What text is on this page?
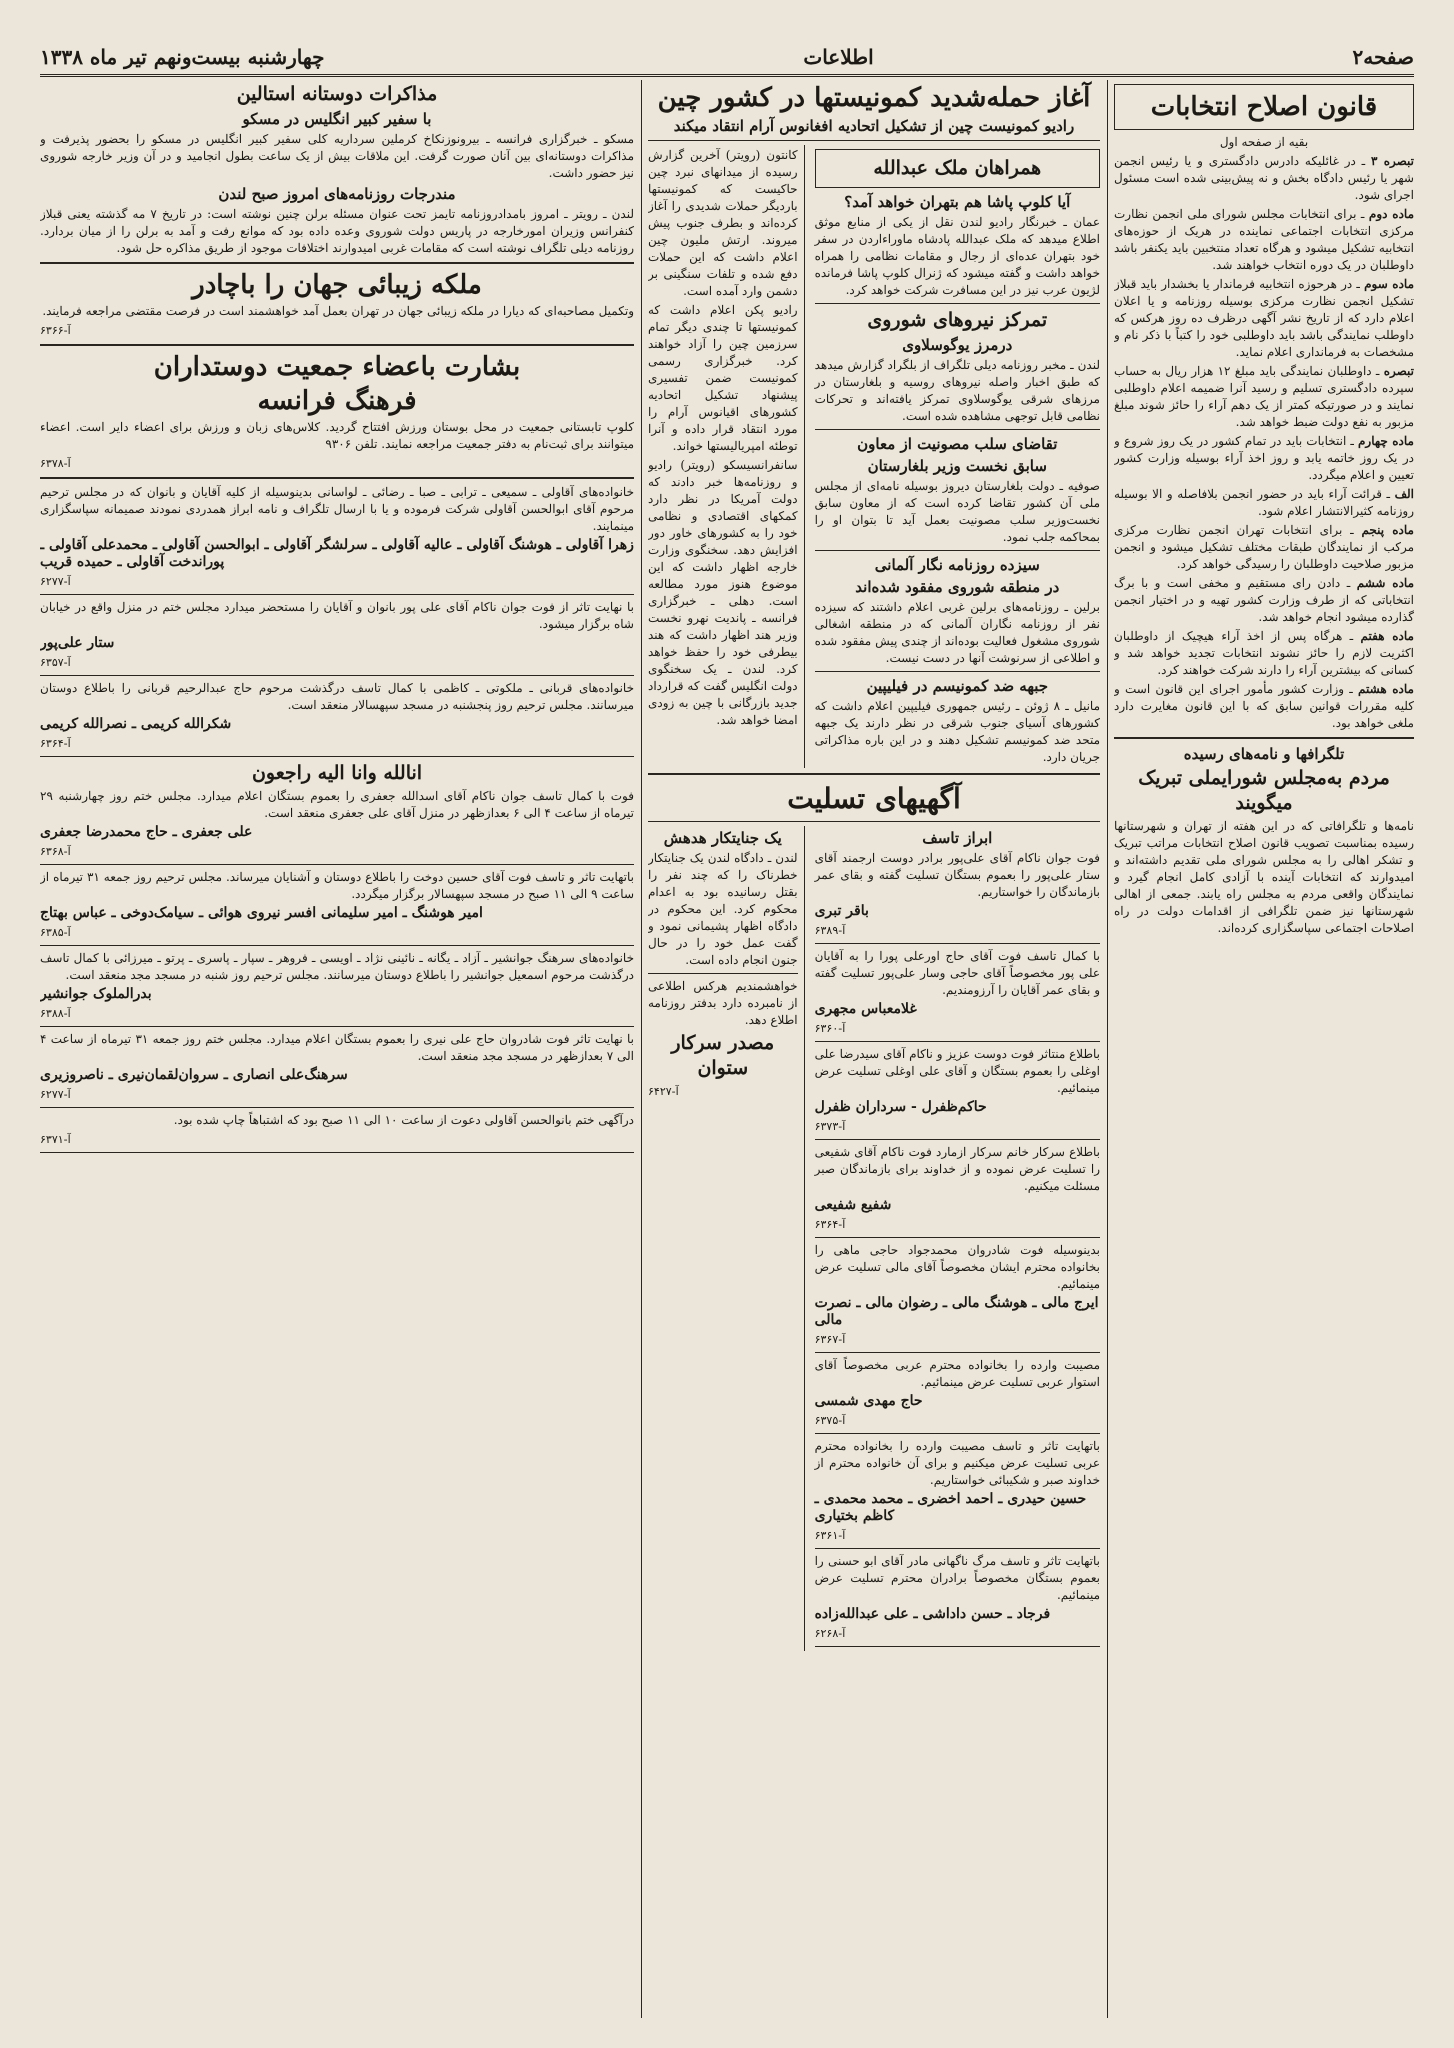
صفحه۲
اطلاعات
چهارشنبه بیست‌ونهم تیر ماه ۱۳۳۸
قانون اصلاح انتخابات
بقیه از صفحه اول
تبصره ۳ ـ در غائلیکه دادرس دادگستری و یا رئیس انجمن شهر یا رئیس دادگاه بخش و نه پیش‌بینی شده است مسئول اجرای شود.
ماده دوم ـ برای انتخابات مجلس شورای ملی انجمن نظارت مرکزی انتخابات اجتماعی نماینده در هریک از حوزه‌های انتخابیه تشکیل میشود و هرگاه تعداد منتخبین باید یکنفر باشد داوطلبان در یک دوره انتخاب خواهند شد.
ماده سوم ـ در هرحوزه انتخابیه فرماندار یا بخشدار باید قبلاز تشکیل انجمن نظارت مرکزی بوسیله روزنامه و یا اعلان اعلام دارد که از تاریخ نشر آگهی درظرف ده روز هرکس که داوطلب نمایندگی باشد باید داوطلبی خود را کتباً با ذکر نام و مشخصات به فرمانداری اعلام نماید.
تبصره ـ داوطلبان نمایندگی باید مبلغ ۱۲ هزار ریال به حساب سپرده دادگستری تسلیم و رسید آنرا ضمیمه اعلام داوطلبی نمایند و در صورتیکه کمتر از یک دهم آراء را حائز شوند مبلغ مزبور به نفع دولت ضبط خواهد شد.
ماده چهارم ـ انتخابات باید در تمام کشور در یک روز شروع و در یک روز خاتمه یابد و روز اخذ آراء بوسیله وزارت کشور تعیین و اعلام میگردد.
الف ـ قرائت آراء باید در حضور انجمن بلافاصله و الا بوسیله روزنامه کثیرالانتشار اعلام شود.
ماده پنجم ـ برای انتخابات تهران انجمن نظارت مرکزی مرکب از نمایندگان طبقات مختلف تشکیل میشود و انجمن مزبور صلاحیت داوطلبان را رسیدگی خواهد کرد.
ماده ششم ـ دادن رای مستقیم و مخفی است و با برگ انتخاباتی که از طرف وزارت کشور تهیه و در اختیار انجمن گذارده میشود انجام خواهد شد.
ماده هفتم ـ هرگاه پس از اخذ آراء هیچیک از داوطلبان اکثریت لازم را حائز نشوند انتخابات تجدید خواهد شد و کسانی که بیشترین آراء را دارند شرکت خواهند کرد.
ماده هشتم ـ وزارت کشور مأمور اجرای این قانون است و کلیه مقررات قوانین سابق که با این قانون مغایرت دارد ملغی خواهد بود.
تلگرافها و نامه‌های رسیده
مردم به‌مجلس شورایملی تبریک میگویند
نامه‌ها و تلگرافاتی که در این هفته از تهران و شهرستانها رسیده بمناسبت تصویب قانون اصلاح انتخابات مراتب تبریک و تشکر اهالی را به مجلس شورای ملی تقدیم داشته‌اند و امیدوارند که انتخابات آینده با آزادی کامل انجام گیرد و نمایندگان واقعی مردم به مجلس راه یابند. جمعی از اهالی شهرستانها نیز ضمن تلگرافی از اقدامات دولت در راه اصلاحات اجتماعی سپاسگزاری کرده‌اند.
آغاز حمله‌شدید کمونیستها در کشور چین
رادیو کمونیست چین از تشکیل اتحادیه افغانوس آرام انتقاد میکند
همراهان ملک عبدالله
آیا کلوپ پاشا هم بتهران خواهد آمد؟
عمان ـ خبرنگار رادیو لندن نقل از یکی از منابع موثق اطلاع میدهد که ملک عبدالله پادشاه ماوراءاردن در سفر خود بتهران عده‌ای از رجال و مقامات نظامی را همراه خواهد داشت و گفته میشود که ژنرال کلوپ پاشا فرمانده لژیون عرب نیز در این مسافرت شرکت خواهد کرد.
تمرکز نیروهای شوروی
درمرز یوگوسلاوی
لندن ـ مخبر روزنامه دیلی تلگراف از بلگراد گزارش میدهد که طبق اخبار واصله نیروهای روسیه و بلغارستان در مرزهای شرقی یوگوسلاوی تمرکز یافته‌اند و تحرکات نظامی قابل توجهی مشاهده شده است.
تقاضای سلب مصونیت از معاون
سابق نخست وزیر بلغارستان
صوفیه ـ دولت بلغارستان دیروز بوسیله نامه‌ای از مجلس ملی آن کشور تقاضا کرده است که از معاون سابق نخست‌وزیر سلب مصونیت بعمل آید تا بتوان او را بمحاکمه جلب نمود.
سیزده روزنامه نگار آلمانی
در منطقه شوروی مفقود شده‌اند
برلین ـ روزنامه‌های برلین غربی اعلام داشتند که سیزده نفر از روزنامه نگاران آلمانی که در منطقه اشغالی شوروی مشغول فعالیت بوده‌اند از چندی پیش مفقود شده و اطلاعی از سرنوشت آنها در دست نیست.
جبهه ضد کمونیسم در فیلیپین
مانیل ـ ۸ ژوئن ـ رئیس جمهوری فیلیپین اعلام داشت که کشورهای آسیای جنوب شرقی در نظر دارند یک جبهه متحد ضد کمونیسم تشکیل دهند و در این باره مذاکراتی جریان دارد.
کانتون (رویتر) آخرین گزارش رسیده از میدانهای نبرد چین حاکیست که کمونیستها باردیگر حملات شدیدی را آغاز کرده‌اند و بطرف جنوب پیش میروند. ارتش ملیون چین اعلام داشت که این حملات دفع شده و تلفات سنگینی بر دشمن وارد آمده است.
رادیو پکن اعلام داشت که کمونیستها تا چندی دیگر تمام سرزمین چین را آزاد خواهند کرد. خبرگزاری رسمی کمونیست ضمن تفسیری پیشنهاد تشکیل اتحادیه کشورهای اقیانوس آرام را مورد انتقاد قرار داده و آنرا توطئه امپریالیستها خواند.
سانفرانسیسکو (رویتر) رادیو و روزنامه‌ها خبر دادند که دولت آمریکا در نظر دارد کمکهای اقتصادی و نظامی خود را به کشورهای خاور دور افزایش دهد. سخنگوی وزارت خارجه اظهار داشت که این موضوع هنوز مورد مطالعه است. دهلی ـ خبرگزاری فرانسه ـ پاندیت نهرو نخست وزیر هند اظهار داشت که هند بیطرفی خود را حفظ خواهد کرد. لندن ـ یک سخنگوی دولت انگلیس گفت که قرارداد جدید بازرگانی با چین به زودی امضا خواهد شد.
آگهیهای تسلیت
ابراز تاسف
فوت جوان ناکام آقای علی‌پور برادر دوست ارجمند آقای ستار علی‌پور را بعموم بستگان تسلیت گفته و بقای عمر بازماندگان را خواستاریم.
باقر تبری
آ-۶۳۸۹
با کمال تاسف فوت آقای حاج اورعلی پورا را به آقایان علی پور مخصوصاً آقای حاجی وسار علی‌پور تسلیت گفته و بقای عمر آقایان را آرزومندیم.
غلامعباس مجهری
آ-۶۳۶۰
باطلاع منتاثر فوت دوست عزیز و ناکام آقای سیدرضا علی اوغلی را بعموم بستگان و آقای علی اوغلی تسلیت عرض مینمائیم.
حاکم‌ظفرل - سرداران ظفرل
آ-۶۳۷۳
باطلاع سرکار خانم سرکار ازمارد فوت ناکام آقای شفیعی را تسلیت عرض نموده و از خداوند برای بازماندگان صبر مسئلت میکنیم.
شفیع شفیعی
آ-۶۳۶۴
بدینوسیله فوت شادروان محمدجواد حاجی ماهی را بخانواده محترم ایشان مخصوصاً آقای مالی تسلیت عرض مینمائیم.
ایرج مالی ـ هوشنگ مالی ـ رضوان مالی ـ نصرت مالی
آ-۶۳۶۷
مصیبت وارده را بخانواده محترم عربی مخصوصاً آقای استوار عربی تسلیت عرض مینمائیم.
حاج مهدی شمسی
آ-۶۳۷۵
باتهایت تاثر و تاسف مصیبت وارده را بخانواده محترم عربی تسلیت عرض میکنیم و برای آن خانواده محترم از خداوند صبر و شکیبائی خواستاریم.
حسین حیدری ـ احمد اخضری ـ محمد محمدی ـ کاظم بختیاری
آ-۶۳۶۱
باتهایت تاثر و تاسف مرگ ناگهانی مادر آقای ابو حسنی را بعموم بستگان مخصوصاً برادران محترم تسلیت عرض مینمائیم.
فرجاد ـ حسن داداشی ـ علی عبدالله‌زاده
آ-۶۲۶۸
یک جنایتکار هدهش
لندن ـ دادگاه لندن یک جنایتکار خطرناک را که چند نفر را بقتل رسانیده بود به اعدام محکوم کرد. این محکوم در دادگاه اظهار پشیمانی نمود و گفت عمل خود را در حال جنون انجام داده است.
خواهشمندیم هرکس اطلاعی از نامبرده دارد بدفتر روزنامه اطلاع دهد.
مصدر سرکار ستوان
آ-۶۴۲۷
مذاکرات دوستانه استالین
با سفیر کبیر انگلیس در مسکو
مسکو ـ خبرگزاری فرانسه ـ بیرونوزنکاخ کرملین سرداریه کلی سفیر کبیر انگلیس در مسکو را بحضور پذیرفت و مذاکرات دوستانه‌ای بین آنان صورت گرفت. این ملاقات بیش از یک ساعت بطول انجامید و در آن وزیر خارجه شوروی نیز حضور داشت.
مندرجات روزنامه‌های امروز صبح لندن
لندن ـ رویتر ـ امروز بامدادروزنامه تایمز تحت عنوان مسئله برلن چنین نوشته است: در تاریخ ۷ مه گذشته یعنی قبلاز کنفرانس وزیران امورخارجه در پاریس دولت شوروی وعده داده بود که موانع رفت و آمد به برلن را از میان بردارد. روزنامه دیلی تلگراف نوشته است که مقامات غربی امیدوارند اختلافات موجود از طریق مذاکره حل شود.
ملکه زیبائی جهان را باچادر
وتکمیل مصاحبه‌ای که دیارا در ملکه زیبائی جهان در تهران بعمل آمد خواهشمند است در فرصت مقتضی مراجعه فرمایند.
آ-۶۳۶۶
بشارت باعضاء جمعیت دوستداران
فرهنگ فرانسه
کلوپ تابستانی جمعیت در محل بوستان ورزش افتتاح گردید. کلاس‌های زبان و ورزش برای اعضاء دایر است. اعضاء میتوانند برای ثبت‌نام به دفتر جمعیت مراجعه نمایند. تلفن ۹۳۰۶
آ-۶۳۷۸
خانواده‌های آقاولی ـ سمیعی ـ ترابی ـ صبا ـ رضائی ـ لواسانی بدینوسیله از کلیه آقایان و بانوان که در مجلس ترحیم مرحوم آقای ابوالحسن آقاولی شرکت فرموده و یا با ارسال تلگراف و نامه ابراز همدردی نمودند صمیمانه سپاسگزاری مینمایند.
زهرا آقاولی ـ هوشنگ آقاولی ـ عالیه آقاولی ـ سرلشگر آقاولی ـ ابوالحسن آقاولی ـ محمدعلی آقاولی ـ پوراندخت آقاولی ـ حمیده قریب
آ-۶۲۷۷
با نهایت تاثر از فوت جوان ناکام آقای علی پور بانوان و آقایان را مستحضر میدارد مجلس ختم در منزل واقع در خیابان شاه برگزار میشود.
ستار علی‌پور
آ-۶۳۵۷
خانواده‌های قربانی ـ ملکوتی ـ کاظمی با کمال تاسف درگذشت مرحوم حاج عبدالرحیم قربانی را باطلاع دوستان میرسانند. مجلس ترحیم روز پنجشنبه در مسجد سپهسالار منعقد است.
شکرالله کریمی ـ نصرالله کریمی
آ-۶۳۶۴
انالله وانا الیه راجعون
فوت با کمال تاسف جوان ناکام آقای اسدالله جعفری را بعموم بستگان اعلام میدارد. مجلس ختم روز چهارشنبه ۲۹ تیرماه از ساعت ۴ الی ۶ بعدازظهر در منزل آقای علی جعفری منعقد است.
علی جعفری ـ حاج محمدرضا جعفری
آ-۶۳۶۸
باتهایت تاثر و تاسف فوت آقای حسین دوخت را باطلاع دوستان و آشنایان میرساند. مجلس ترحیم روز جمعه ۳۱ تیرماه از ساعت ۹ الی ۱۱ صبح در مسجد سپهسالار برگزار میگردد.
امیر هوشنگ ـ امیر سلیمانی افسر نیروی هوائی ـ سیامک‌دوخی ـ عباس بهتاج
آ-۶۳۸۵
خانواده‌های سرهنگ جوانشیر ـ آزاد ـ یگانه ـ نائینی نژاد ـ اویسی ـ فروهر ـ سپار ـ پاسری ـ پرتو ـ میرزائی با کمال تاسف درگذشت مرحوم اسمعیل جوانشیر را باطلاع دوستان میرسانند. مجلس ترحیم روز شنبه در مسجد مجد منعقد است.
بدرالملوک جوانشیر
آ-۶۳۸۸
با نهایت تاثر فوت شادروان حاج علی نیری را بعموم بستگان اعلام میدارد. مجلس ختم روز جمعه ۳۱ تیرماه از ساعت ۴ الی ۷ بعدازظهر در مسجد مجد منعقد است.
سرهنگ‌علی انصاری ـ سروان‌لقمان‌نیری ـ ناصروزیری
آ-۶۲۷۷
درآگهی ختم بانوالحسن آقاولی دعوت از ساعت ۱۰ الی ۱۱ صبح بود که اشتباهاً چاپ شده بود.
آ-۶۳۷۱
